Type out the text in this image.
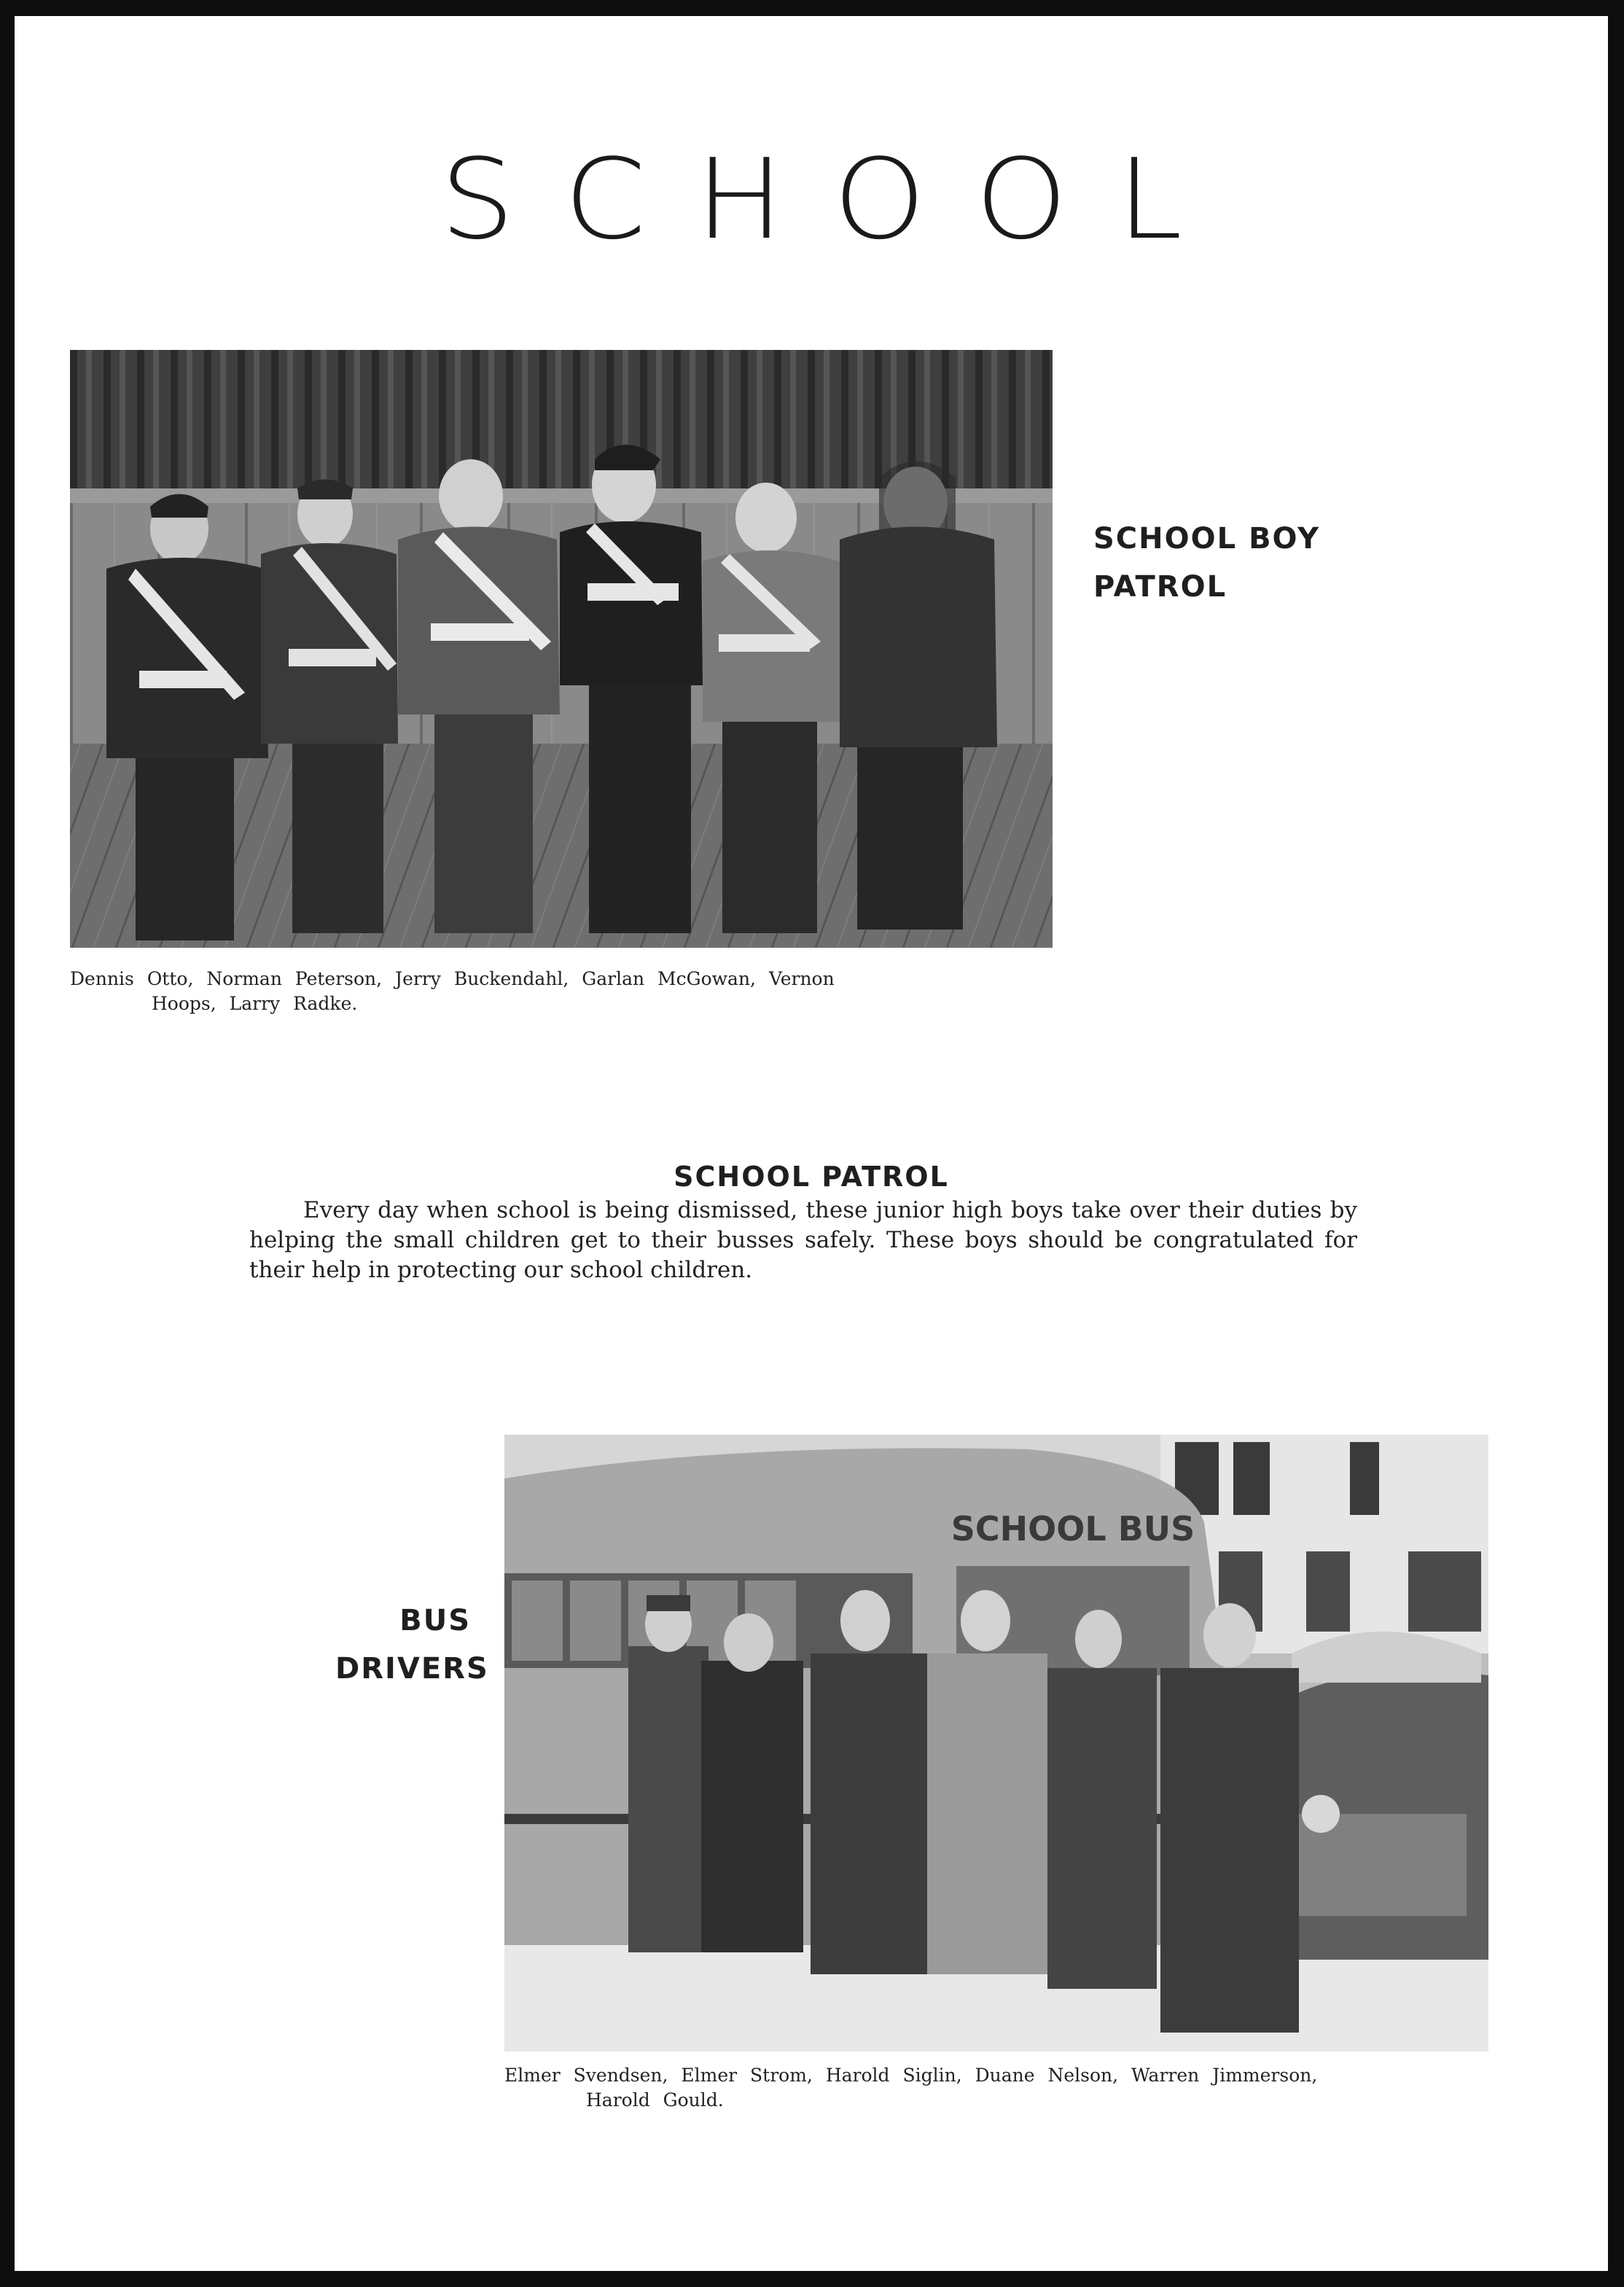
SCHOOL
SCHOOL BOY
PATROL
Dennis Otto, Norman Peterson, Jerry Buckendahl, Garlan McGowan, Vernon
Hoops, Larry Radke.
SCHOOL PATROL
Every day when school is being dismissed, these junior high boys take over their duties by helping the small children get to their busses safely. These boys should be congratulated for their help in protecting our school children.
SCHOOL BUS
BUS
DRIVERS
Elmer Svendsen, Elmer Strom, Harold Siglin, Duane Nelson, Warren Jimmerson,
Harold Gould.
